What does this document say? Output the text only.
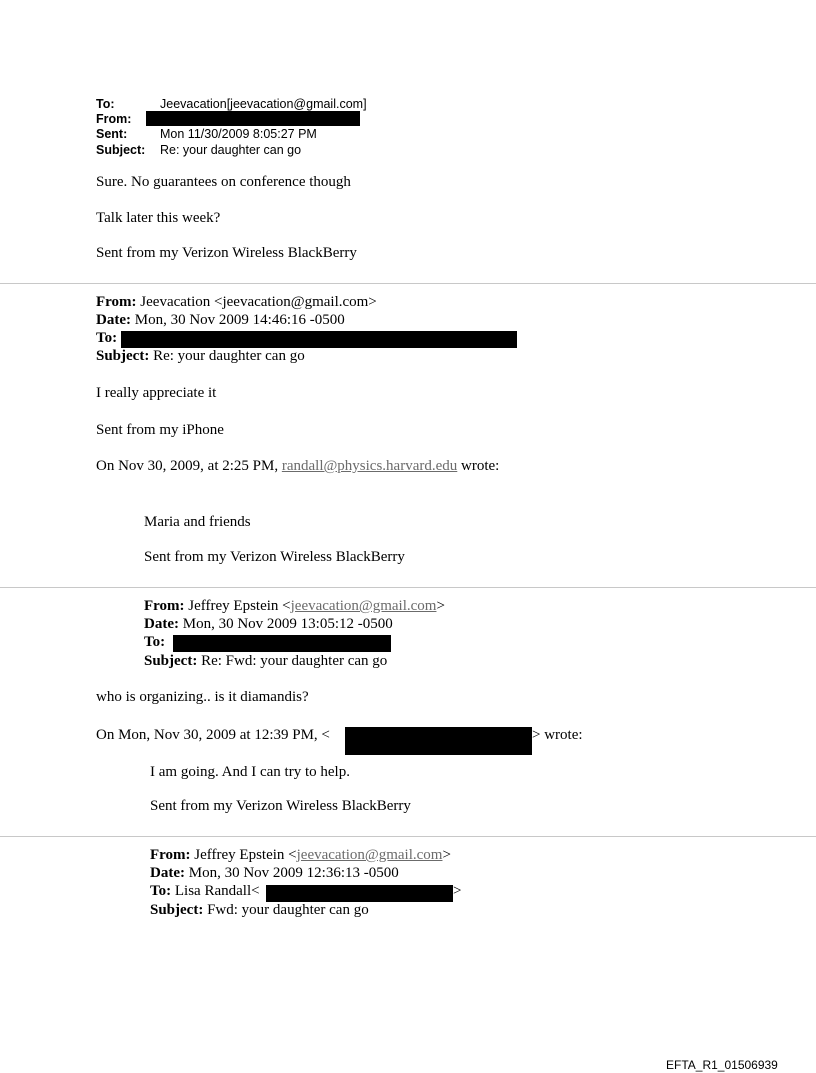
To:	Jeevacation[jeevacation@gmail.com]
From:
Sent:	Mon 11/30/2009 8:05:27 PM
Subject: Re: your daughter can go
Sure. No guarantees on conference though
Talk later this week?
Sent from my Verizon Wireless BlackBerry
From: Jeevacation <jeevacation@gmail.com>
Date: Mon, 30 Nov 2009 14:46:16 -0500
To:
Subject: Re: your daughter can go
I really appreciate it
Sent from my iPhone
On Nov 30, 2009, at 2:25 PM, randall@physics.harvard.edu wrote:
Maria and friends
Sent from my Verizon Wireless BlackBerry
From: Jeffrey Epstein <jeevacation@gmail.com>
Date: Mon, 30 Nov 2009 13:05:12 -0500
To:
Subject: Re: Fwd: your daughter can go
who is organizing.. is it diamandis?
On Mon, Nov 30, 2009 at 12:39 PM, <	> wrote:
I am going. And I can try to help.
Sent from my Verizon Wireless BlackBerry
From: Jeffrey Epstein <jeevacation@gmail.com>
Date: Mon, 30 Nov 2009 12:36:13 -0500
To: Lisa Randall<	>
Subject: Fwd: your daughter can go
EFTA_R1_01506939
